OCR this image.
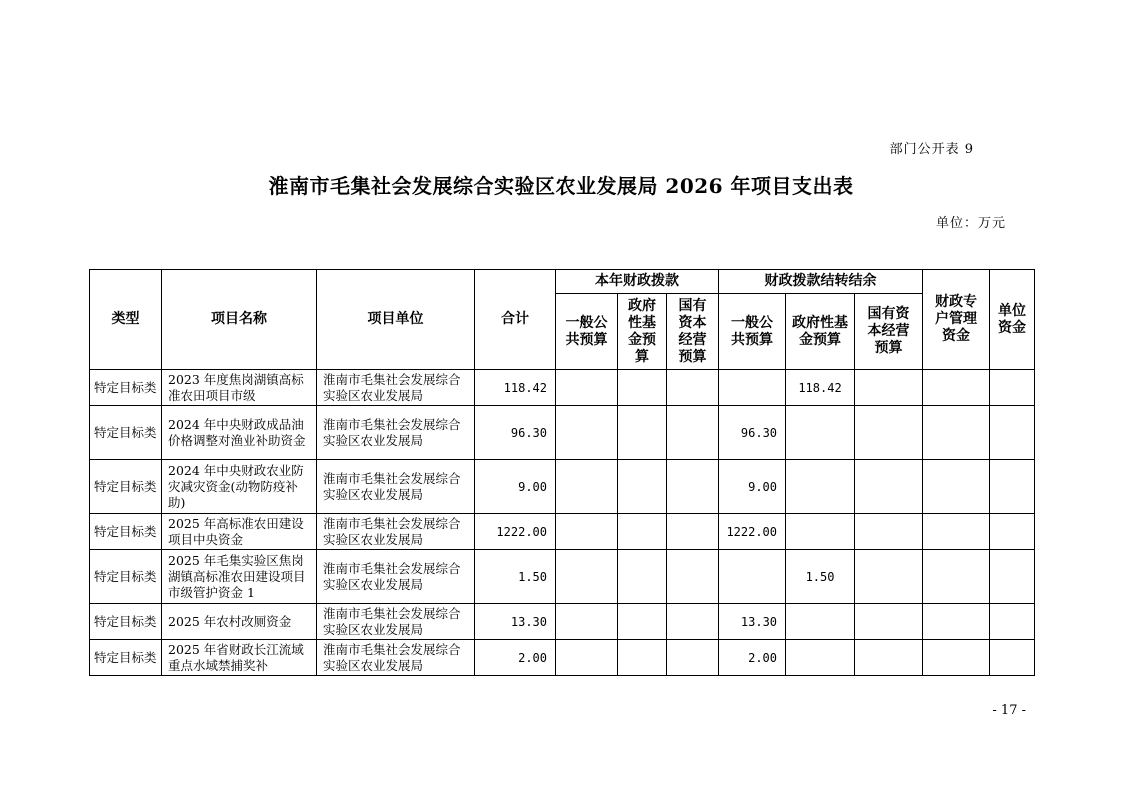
部门公开表 9
淮南市毛集社会发展综合实验区农业发展局 2026 年项目支出表
单位：万元
类型	项目名称	项目单位	合计	本年财政拨款			财政拨款结转结余			财政专户管理资金	单位资金
				一般公共预算	政府性基金预算	国有资本经营预算	一般公共预算	政府性基金预算	国有资本经营预算		
特定目标类	2023 年度焦岗湖镇高标准农田项目市级	淮南市毛集社会发展综合实验区农业发展局	118.42					118.42			
特定目标类	2024 年中央财政成品油价格调整对渔业补助资金	淮南市毛集社会发展综合实验区农业发展局	96.30				96.30				
特定目标类	2024 年中央财政农业防灾减灾资金(动物防疫补助)	淮南市毛集社会发展综合实验区农业发展局	9.00				9.00				
特定目标类	2025 年高标准农田建设项目中央资金	淮南市毛集社会发展综合实验区农业发展局	1222.00				1222.00				
特定目标类	2025 年毛集实验区焦岗湖镇高标准农田建设项目市级管护资金 1	淮南市毛集社会发展综合实验区农业发展局	1.50					1.50			
特定目标类	2025 年农村改厕资金	淮南市毛集社会发展综合实验区农业发展局	13.30				13.30				
特定目标类	2025 年省财政长江流域重点水域禁捕奖补	淮南市毛集社会发展综合实验区农业发展局	2.00				2.00				
- 17 -
